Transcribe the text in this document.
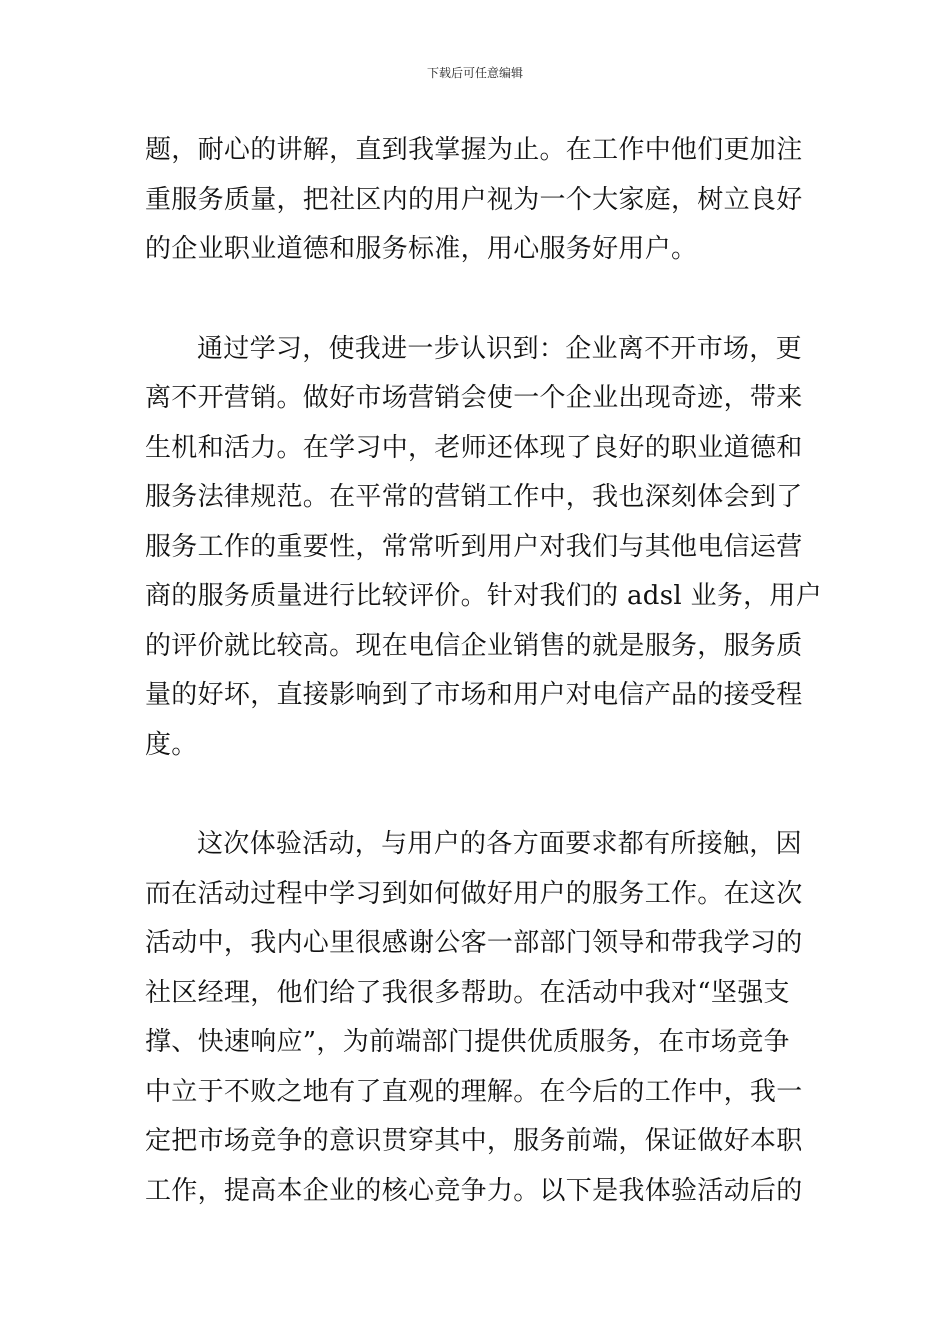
下载后可任意编辑
题，耐心的讲解，直到我掌握为止。在工作中他们更加注
重服务质量，把社区内的用户视为一个大家庭，树立良好
的企业职业道德和服务标准，用心服务好用户。
通过学习，使我进一步认识到：企业离不开市场，更
离不开营销。做好市场营销会使一个企业出现奇迹，带来
生机和活力。在学习中，老师还体现了良好的职业道德和
服务法律规范。在平常的营销工作中，我也深刻体会到了
服务工作的重要性，常常听到用户对我们与其他电信运营
商的服务质量进行比较评价。针对我们的 adsl 业务，用户
的评价就比较高。现在电信企业销售的就是服务，服务质
量的好坏，直接影响到了市场和用户对电信产品的接受程
度。
这次体验活动，与用户的各方面要求都有所接触，因
而在活动过程中学习到如何做好用户的服务工作。在这次
活动中，我内心里很感谢公客一部部门领导和带我学习的
社区经理，他们给了我很多帮助。在活动中我对“坚强支
撑、快速响应”，为前端部门提供优质服务，在市场竞争
中立于不败之地有了直观的理解。在今后的工作中，我一
定把市场竞争的意识贯穿其中，服务前端，保证做好本职
工作，提高本企业的核心竞争力。以下是我体验活动后的
